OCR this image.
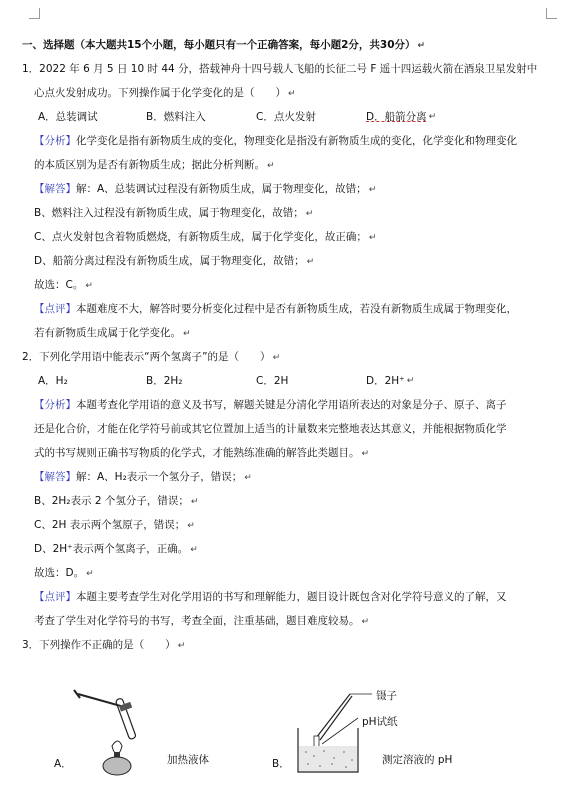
一、选择题（本大题共15个小题，每小题只有一个正确答案，每小题2分，共30分） ↵
1．2022 年 6 月 5 日 10 时 44 分，搭载神舟十四号载人飞船的长征二号 F 遥十四运载火箭在酒泉卫星发射中
心点火发射成功。下列操作属于化学变化的是（　　） ↵
A．总装调试	B．燃料注入	C．点火发射	D．船箭分离 ↵
【分析】化学变化是指有新物质生成的变化，物理变化是指没有新物质生成的变化，化学变化和物理变化
的本质区别为是否有新物质生成；据此分析判断。 ↵
【解答】解：A、总装调试过程没有新物质生成，属于物理变化，故错； ↵
B、燃料注入过程没有新物质生成，属于物理变化，故错； ↵
C、点火发射包含着物质燃烧，有新物质生成，属于化学变化，故正确； ↵
D、船箭分离过程没有新物质生成，属于物理变化，故错； ↵
故选：C。 ↵
【点评】本题难度不大，解答时要分析变化过程中是否有新物质生成，若没有新物质生成属于物理变化，
若有新物质生成属于化学变化。 ↵
2．下列化学用语中能表示“两个氢离子”的是（　　） ↵
A．H₂	B．2H₂	C．2H	D．2H⁺ ↵
【分析】本题考查化学用语的意义及书写，解题关键是分清化学用语所表达的对象是分子、原子、离子
还是化合价，才能在化学符号前或其它位置加上适当的计量数来完整地表达其意义，并能根据物质化学
式的书写规则正确书写物质的化学式，才能熟练准确的解答此类题目。 ↵
【解答】解：A、H₂表示一个氢分子，错误； ↵
B、2H₂表示 2 个氢分子，错误； ↵
C、2H 表示两个氢原子，错误； ↵
D、2H⁺表示两个氢离子，正确。 ↵
故选：D。 ↵
【点评】本题主要考查学生对化学用语的书写和理解能力，题目设计既包含对化学符号意义的了解，又
考查了学生对化学符号的书写，考查全面，注重基础，题目难度较易。 ↵
3．下列操作不正确的是（　　） ↵
A．	加热液体	B．
镊子
pH试纸
测定溶液的 pH
